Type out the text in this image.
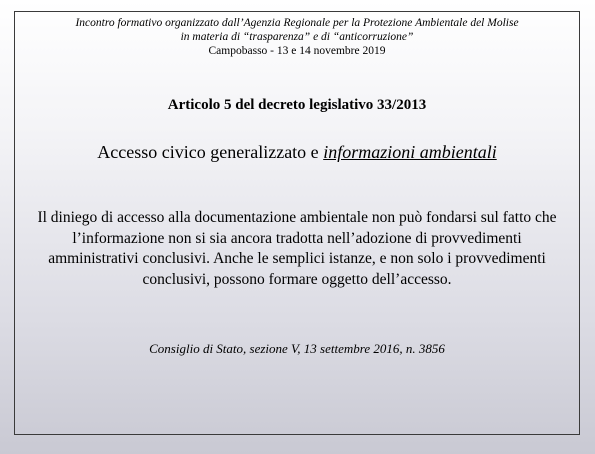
Incontro formativo organizzato dall’Agenzia Regionale per la Protezione Ambientale del Molise
in materia di “trasparenza” e di “anticorruzione”
Campobasso - 13 e 14 novembre 2019
Articolo 5 del decreto legislativo 33/2013
Accesso civico generalizzato e informazioni ambientali
Il diniego di accesso alla documentazione ambientale non può fondarsi sul fatto che l’informazione non si sia ancora tradotta nell’adozione di provvedimenti amministrativi conclusivi. Anche le semplici istanze, e non solo i provvedimenti conclusivi, possono formare oggetto dell’accesso.
Consiglio di Stato, sezione V, 13 settembre 2016, n. 3856
